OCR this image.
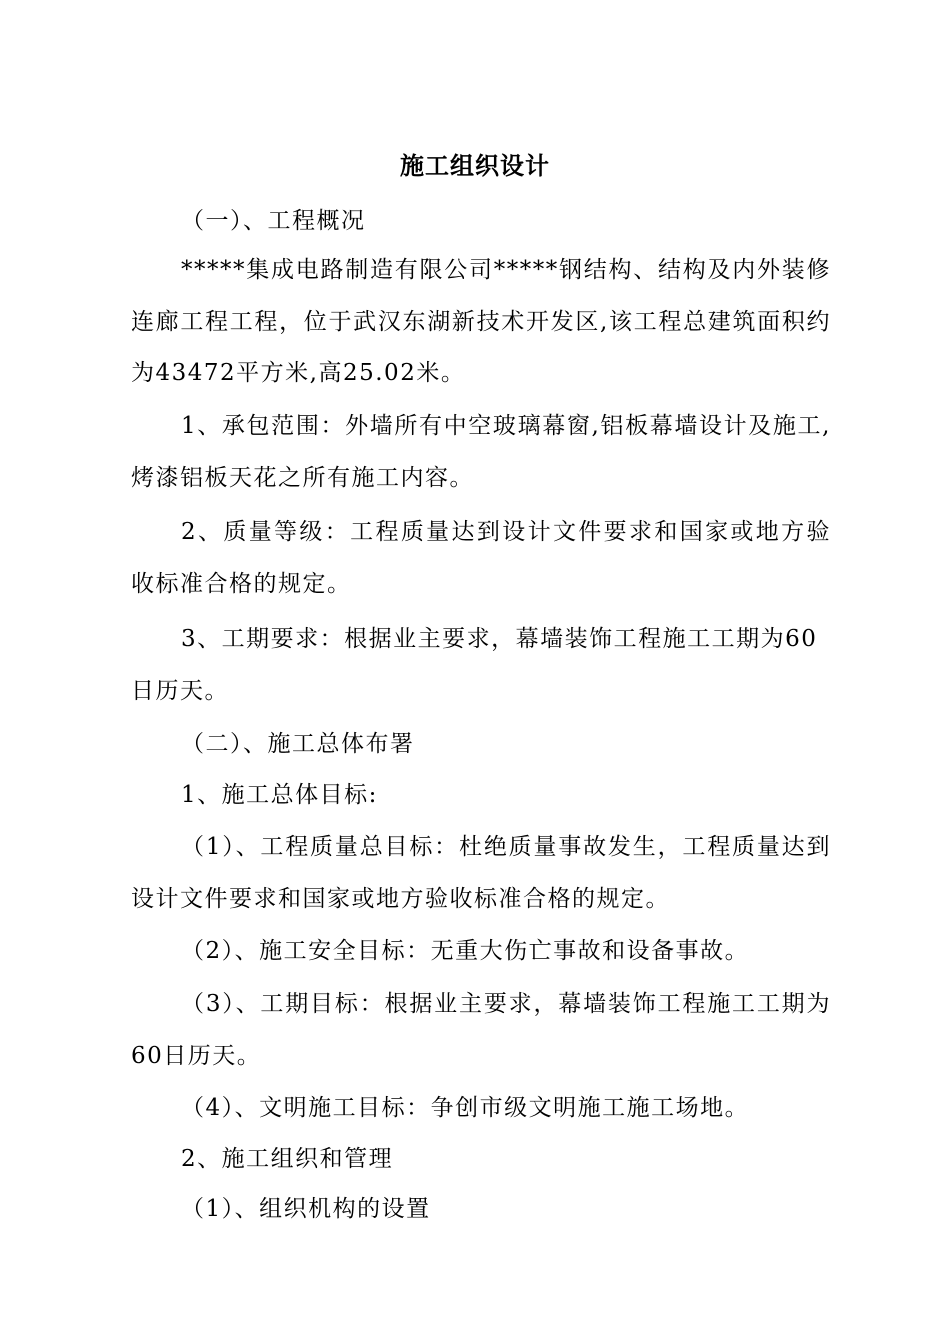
施工组织设计

（一）、工程概况

*****集成电路制造有限公司*****钢结构、结构及内外装修连廊工程工程，位于武汉东湖新技术开发区,该工程总建筑面积约为43472平方米,高25.02米。

1、承包范围：外墙所有中空玻璃幕窗,铝板幕墙设计及施工,烤漆铝板天花之所有施工内容。

2、质量等级：工程质量达到设计文件要求和国家或地方验收标准合格的规定。

3、工期要求：根据业主要求，幕墙装饰工程施工工期为60日历天。

（二）、施工总体布署

1、施工总体目标:

（1）、工程质量总目标：杜绝质量事故发生，工程质量达到设计文件要求和国家或地方验收标准合格的规定。

（2）、施工安全目标：无重大伤亡事故和设备事故。

（3）、工期目标：根据业主要求，幕墙装饰工程施工工期为60日历天。

（4）、文明施工目标：争创市级文明施工施工场地。

2、施工组织和管理

（1）、组织机构的设置
